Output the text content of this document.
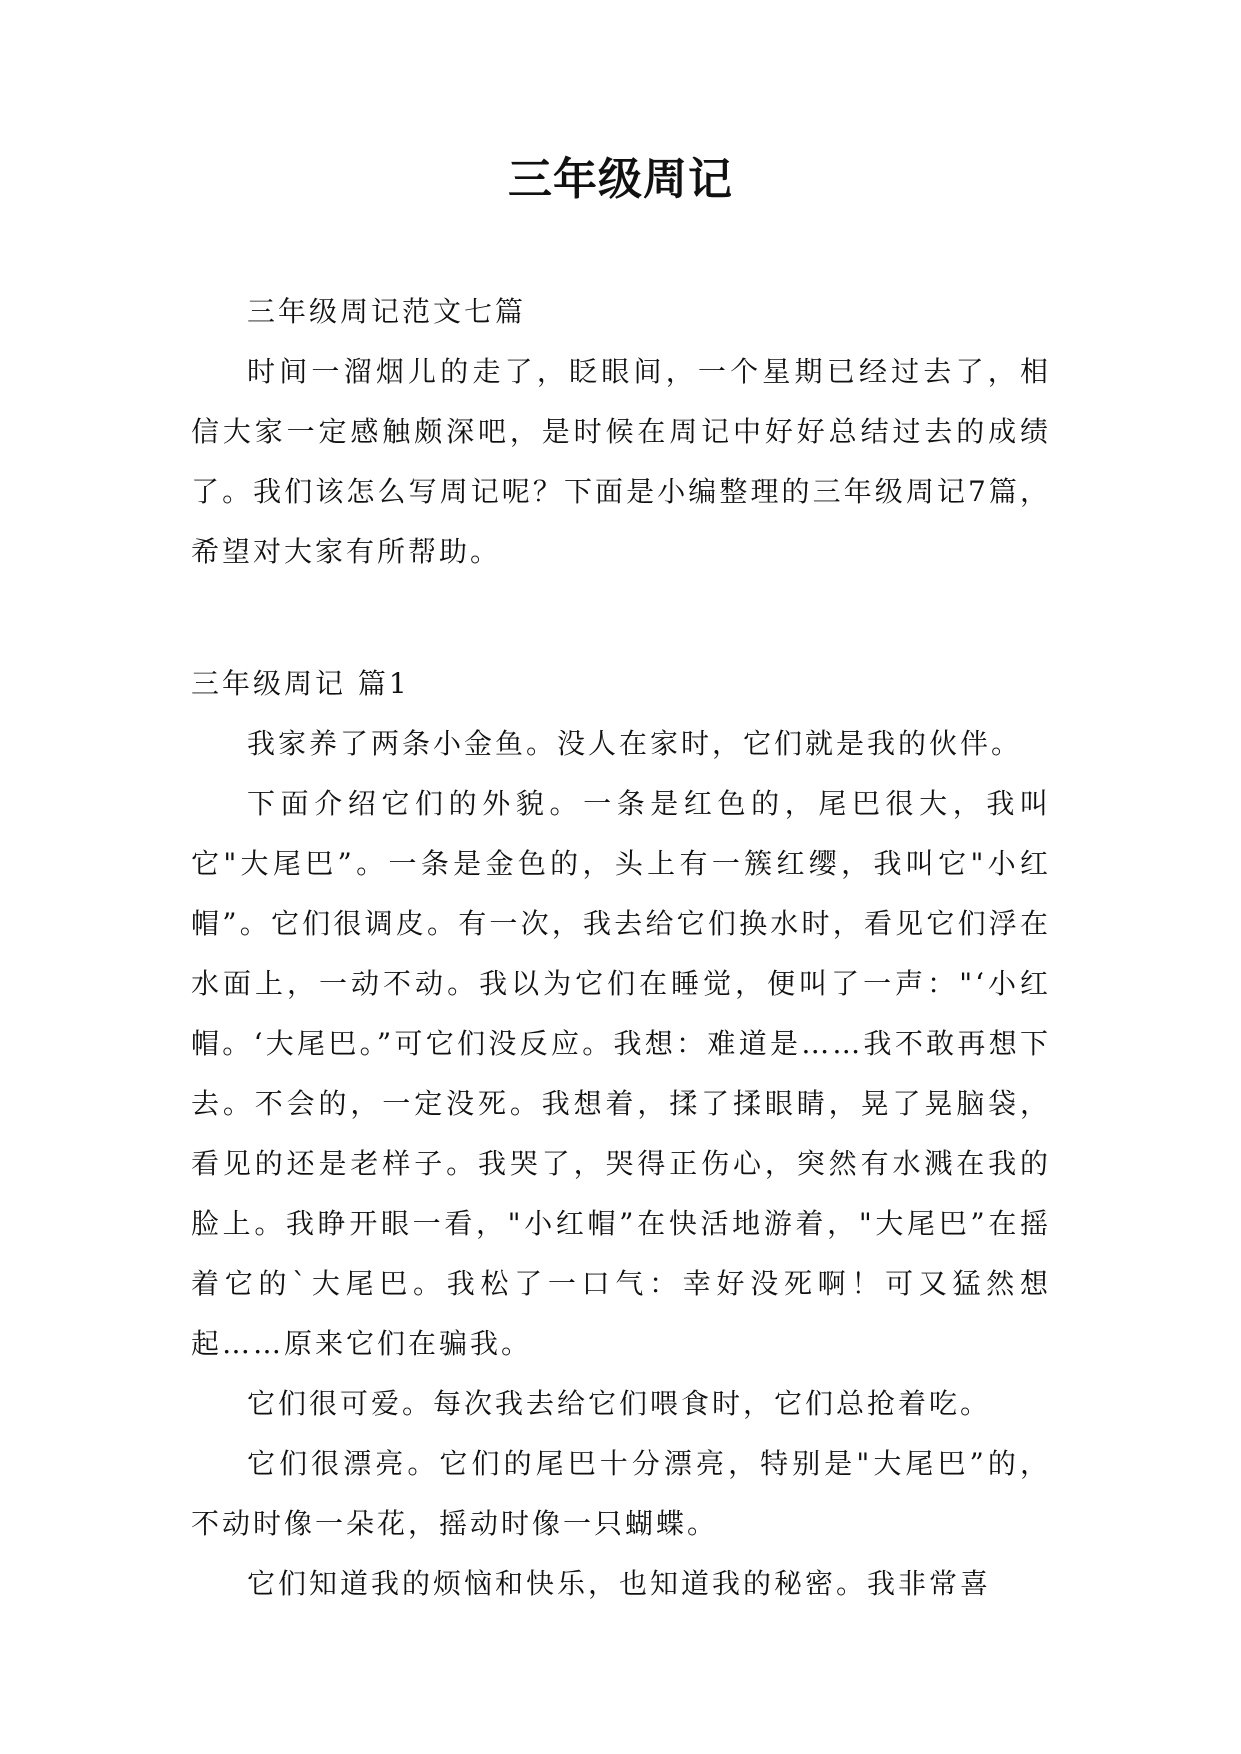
三年级周记

三年级周记范文七篇

时间一溜烟儿的走了，眨眼间，一个星期已经过去了，相信大家一定感触颇深吧，是时候在周记中好好总结过去的成绩了。我们该怎么写周记呢？下面是小编整理的三年级周记7篇，希望对大家有所帮助。

三年级周记 篇1

我家养了两条小金鱼。没人在家时，它们就是我的伙伴。

下面介绍它们的外貌。一条是红色的，尾巴很大，我叫它"大尾巴”。一条是金色的，头上有一簇红缨，我叫它"小红帽”。它们很调皮。有一次，我去给它们换水时，看见它们浮在水面上，一动不动。我以为它们在睡觉，便叫了一声："‘小红帽。‘大尾巴。”可它们没反应。我想：难道是……我不敢再想下去。不会的，一定没死。我想着，揉了揉眼睛，晃了晃脑袋，看见的还是老样子。我哭了，哭得正伤心，突然有水溅在我的脸上。我睁开眼一看，"小红帽”在快活地游着，"大尾巴”在摇着它的`大尾巴。我松了一口气：幸好没死啊！可又猛然想起……原来它们在骗我。

它们很可爱。每次我去给它们喂食时，它们总抢着吃。

它们很漂亮。它们的尾巴十分漂亮，特别是"大尾巴”的，不动时像一朵花，摇动时像一只蝴蝶。

它们知道我的烦恼和快乐，也知道我的秘密。我非常喜
